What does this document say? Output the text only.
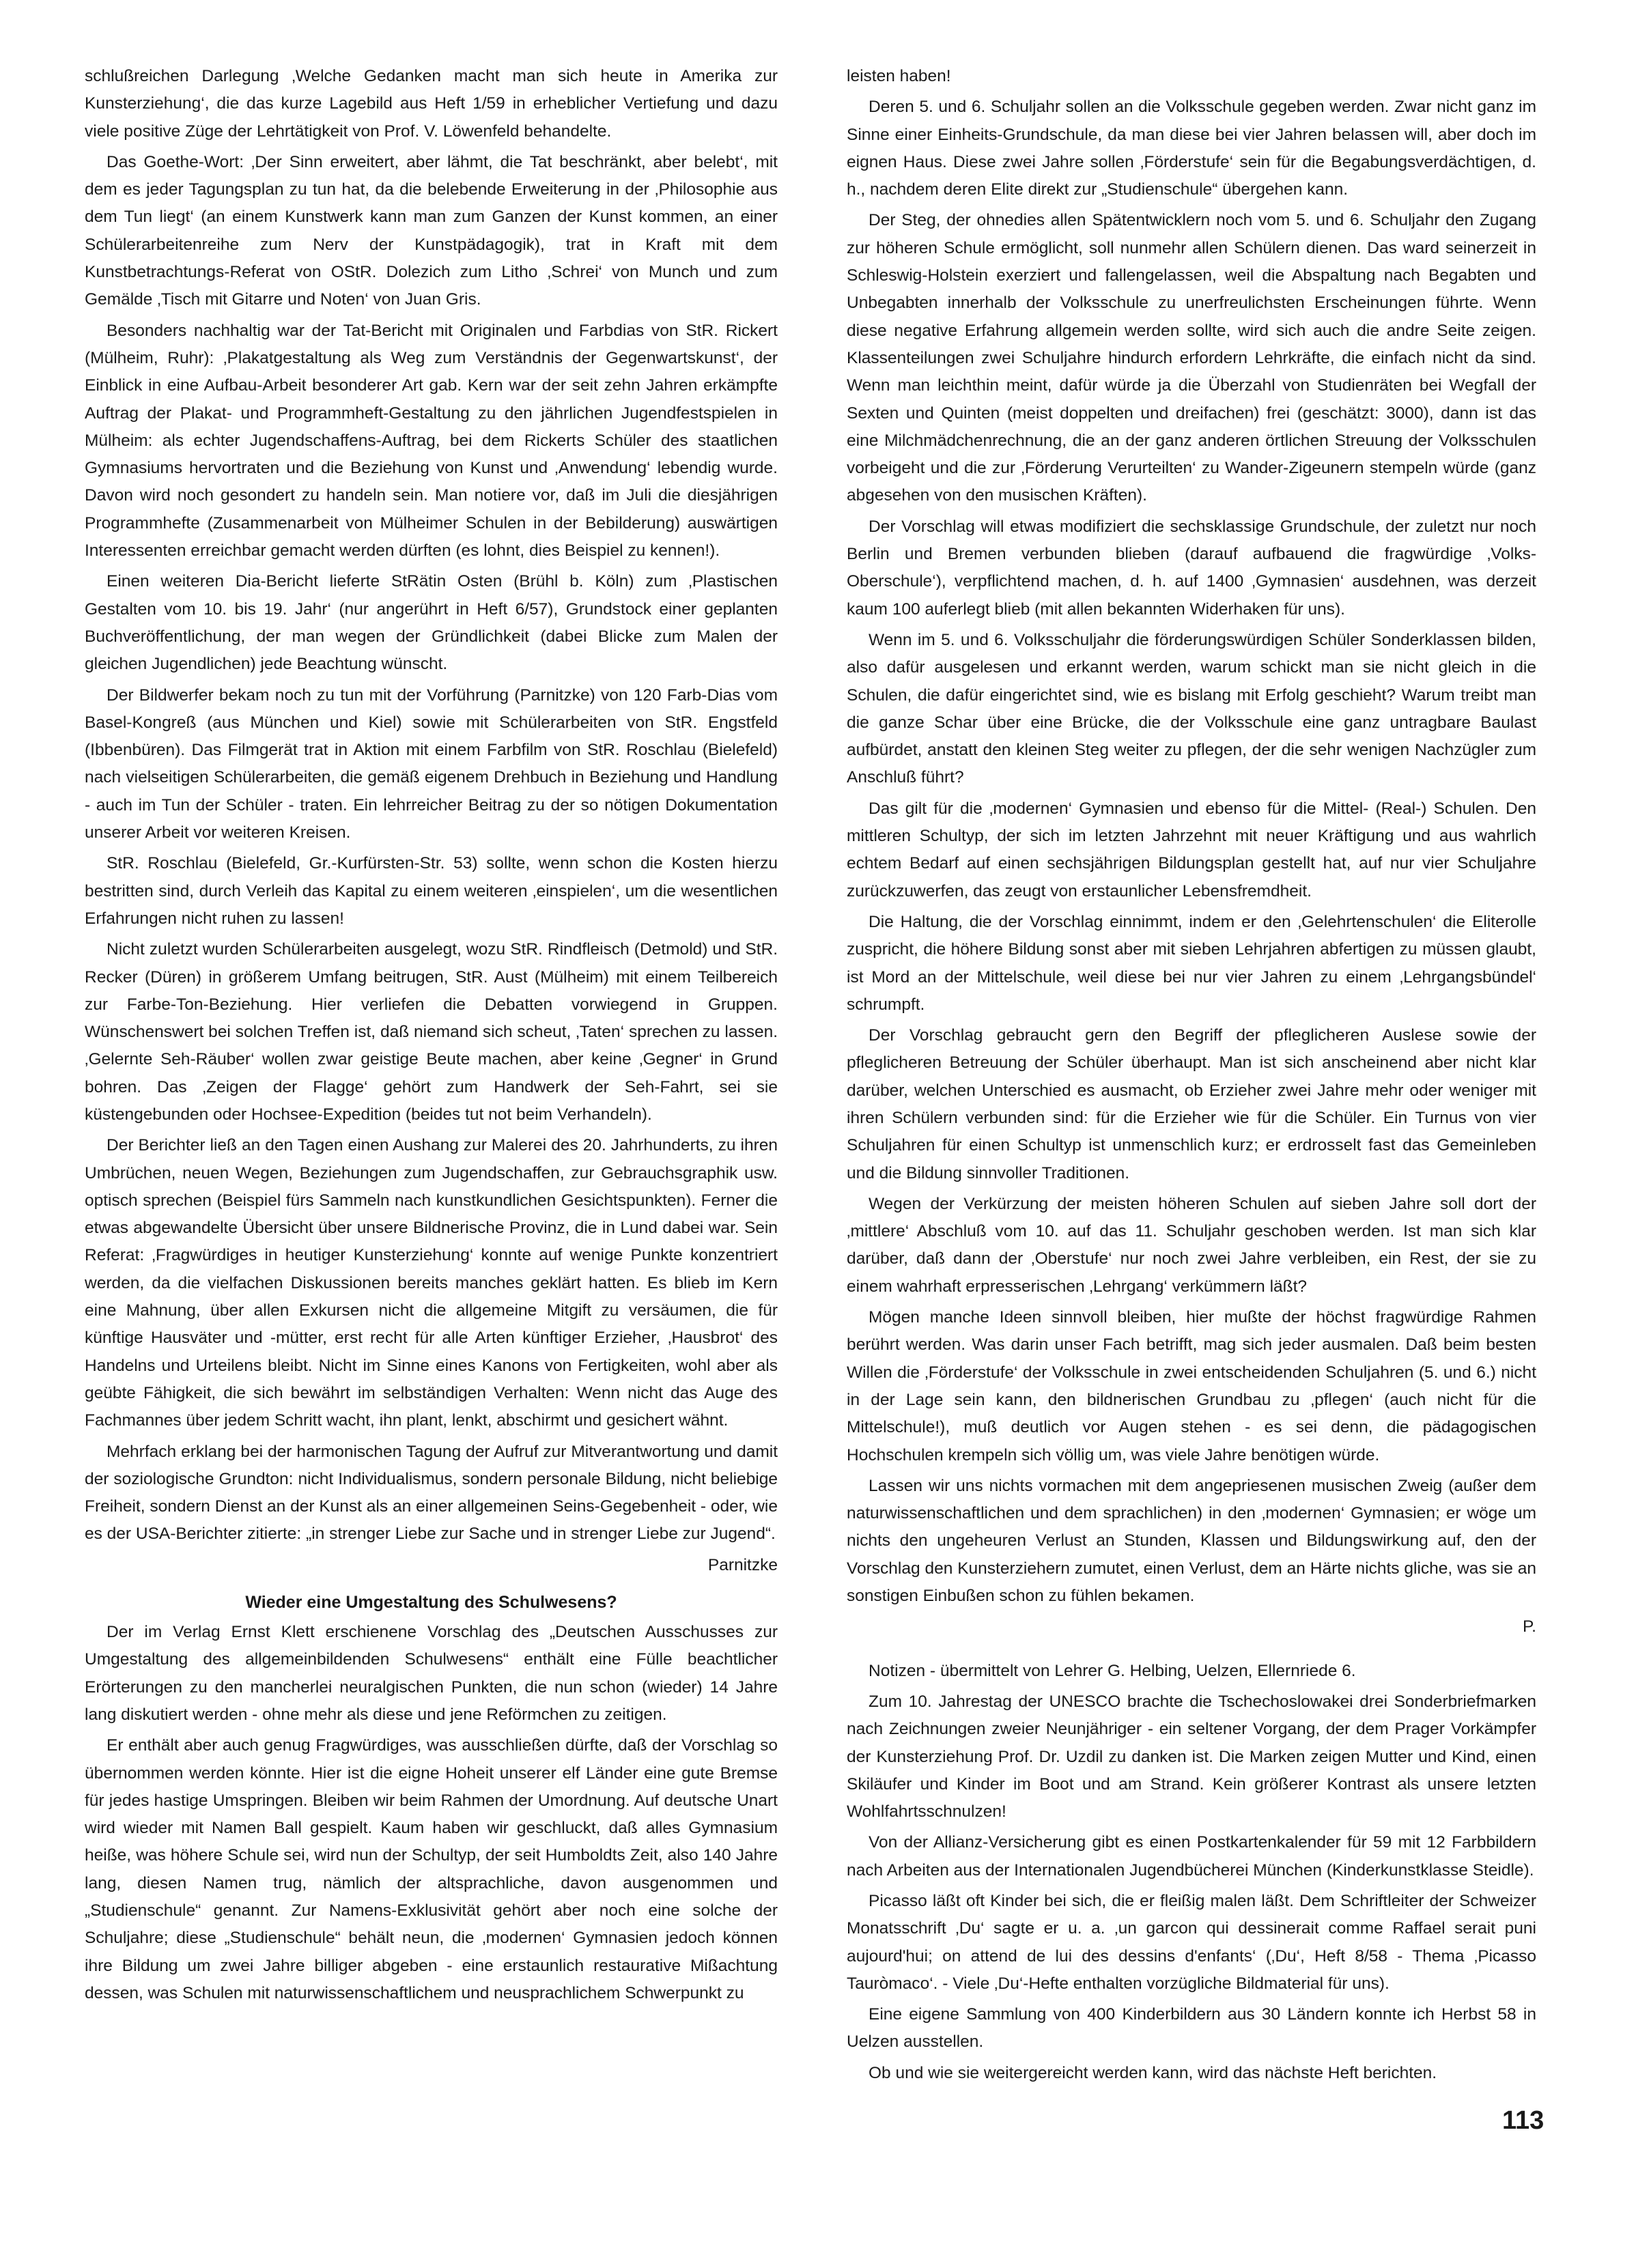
schlußreichen Darlegung ‚Welche Gedanken macht man sich heute in Amerika zur Kunsterziehung‘, die das kurze Lagebild aus Heft 1/59 in erheblicher Vertiefung und dazu viele positive Züge der Lehrtätigkeit von Prof. V. Löwenfeld behandelte.

Das Goethe-Wort: ‚Der Sinn erweitert, aber lähmt, die Tat beschränkt, aber belebt‘, mit dem es jeder Tagungsplan zu tun hat, da die belebende Erweiterung in der ‚Philosophie aus dem Tun liegt‘ (an einem Kunstwerk kann man zum Ganzen der Kunst kommen, an einer Schülerarbeitenreihe zum Nerv der Kunstpädagogik), trat in Kraft mit dem Kunstbetrachtungs-Referat von OStR. Dolezich zum Litho ‚Schrei‘ von Munch und zum Gemälde ‚Tisch mit Gitarre und Noten‘ von Juan Gris.

Besonders nachhaltig war der Tat-Bericht mit Originalen und Farbdias von StR. Rickert (Mülheim, Ruhr): ‚Plakatgestaltung als Weg zum Verständnis der Gegenwartskunst‘, der Einblick in eine Aufbau-Arbeit besonderer Art gab. Kern war der seit zehn Jahren erkämpfte Auftrag der Plakat- und Programmheft-Gestaltung zu den jährlichen Jugendfestspielen in Mülheim: als echter Jugendschaffens-Auftrag, bei dem Rickerts Schüler des staatlichen Gymnasiums hervortraten und die Beziehung von Kunst und ‚Anwendung‘ lebendig wurde. Davon wird noch gesondert zu handeln sein. Man notiere vor, daß im Juli die diesjährigen Programmhefte (Zusammenarbeit von Mülheimer Schulen in der Bebilderung) auswärtigen Interessenten erreichbar gemacht werden dürften (es lohnt, dies Beispiel zu kennen!).

Einen weiteren Dia-Bericht lieferte StRätin Osten (Brühl b. Köln) zum ‚Plastischen Gestalten vom 10. bis 19. Jahr‘ (nur angerührt in Heft 6/57), Grundstock einer geplanten Buchveröffentlichung, der man wegen der Gründlichkeit (dabei Blicke zum Malen der gleichen Jugendlichen) jede Beachtung wünscht.

Der Bildwerfer bekam noch zu tun mit der Vorführung (Parnitzke) von 120 Farb-Dias vom Basel-Kongreß (aus München und Kiel) sowie mit Schülerarbeiten von StR. Engstfeld (Ibbenbüren). Das Filmgerät trat in Aktion mit einem Farbfilm von StR. Roschlau (Bielefeld) nach vielseitigen Schülerarbeiten, die gemäß eigenem Drehbuch in Beziehung und Handlung - auch im Tun der Schüler - traten. Ein lehrreicher Beitrag zu der so nötigen Dokumentation unserer Arbeit vor weiteren Kreisen.

StR. Roschlau (Bielefeld, Gr.-Kurfürsten-Str. 53) sollte, wenn schon die Kosten hierzu bestritten sind, durch Verleih das Kapital zu einem weiteren ‚einspielen‘, um die wesentlichen Erfahrungen nicht ruhen zu lassen!

Nicht zuletzt wurden Schülerarbeiten ausgelegt, wozu StR. Rindfleisch (Detmold) und StR. Recker (Düren) in größerem Umfang beitrugen, StR. Aust (Mülheim) mit einem Teilbereich zur Farbe-Ton-Beziehung. Hier verliefen die Debatten vorwiegend in Gruppen. Wünschenswert bei solchen Treffen ist, daß niemand sich scheut, ‚Taten‘ sprechen zu lassen. ‚Gelernte Seh-Räuber‘ wollen zwar geistige Beute machen, aber keine ‚Gegner‘ in Grund bohren. Das ‚Zeigen der Flagge‘ gehört zum Handwerk der Seh-Fahrt, sei sie küstengebunden oder Hochsee-Expedition (beides tut not beim Verhandeln).

Der Berichter ließ an den Tagen einen Aushang zur Malerei des 20. Jahrhunderts, zu ihren Umbrüchen, neuen Wegen, Beziehungen zum Jugendschaffen, zur Gebrauchsgraphik usw. optisch sprechen (Beispiel fürs Sammeln nach kunstkundlichen Gesichtspunkten). Ferner die etwas abgewandelte Übersicht über unsere Bildnerische Provinz, die in Lund dabei war. Sein Referat: ‚Fragwürdiges in heutiger Kunsterziehung‘ konnte auf wenige Punkte konzentriert werden, da die vielfachen Diskussionen bereits manches geklärt hatten. Es blieb im Kern eine Mahnung, über allen Exkursen nicht die allgemeine Mitgift zu versäumen, die für künftige Hausväter und -mütter, erst recht für alle Arten künftiger Erzieher, ‚Hausbrot‘ des Handelns und Urteilens bleibt. Nicht im Sinne eines Kanons von Fertigkeiten, wohl aber als geübte Fähigkeit, die sich bewährt im selbständigen Verhalten: Wenn nicht das Auge des Fachmannes über jedem Schritt wacht, ihn plant, lenkt, abschirmt und gesichert wähnt.

Mehrfach erklang bei der harmonischen Tagung der Aufruf zur Mitverantwortung und damit der soziologische Grundton: nicht Individualismus, sondern personale Bildung, nicht beliebige Freiheit, sondern Dienst an der Kunst als an einer allgemeinen Seins-Gegebenheit - oder, wie es der USA-Berichter zitierte: „in strenger Liebe zur Sache und in strenger Liebe zur Jugend“.

Parnitzke
Wieder eine Umgestaltung des Schulwesens?

Der im Verlag Ernst Klett erschienene Vorschlag des „Deutschen Ausschusses zur Umgestaltung des allgemeinbildenden Schulwesens“ enthält eine Fülle beachtlicher Erörterungen zu den mancherlei neuralgischen Punkten, die nun schon (wieder) 14 Jahre lang diskutiert werden - ohne mehr als diese und jene Reförmchen zu zeitigen.

Er enthält aber auch genug Fragwürdiges, was ausschließen dürfte, daß der Vorschlag so übernommen werden könnte. Hier ist die eigne Hoheit unserer elf Länder eine gute Bremse für jedes hastige Umspringen. Bleiben wir beim Rahmen der Umordnung. Auf deutsche Unart wird wieder mit Namen Ball gespielt. Kaum haben wir geschluckt, daß alles Gymnasium heiße, was höhere Schule sei, wird nun der Schultyp, der seit Humboldts Zeit, also 140 Jahre lang, diesen Namen trug, nämlich der altsprachliche, davon ausgenommen und „Studienschule“ genannt. Zur Namens-Exklusivität gehört aber noch eine solche der Schuljahre; diese „Studienschule“ behält neun, die ‚modernen‘ Gymnasien jedoch können ihre Bildung um zwei Jahre billiger abgeben - eine erstaunlich restaurative Mißachtung dessen, was Schulen mit naturwissenschaftlichem und neusprachlichem Schwerpunkt zu

leisten haben!

Deren 5. und 6. Schuljahr sollen an die Volksschule gegeben werden. Zwar nicht ganz im Sinne einer Einheits-Grundschule, da man diese bei vier Jahren belassen will, aber doch im eignen Haus. Diese zwei Jahre sollen ‚Förderstufe‘ sein für die Begabungsverdächtigen, d. h., nachdem deren Elite direkt zur „Studienschule“ übergehen kann.

Der Steg, der ohnedies allen Spätentwicklern noch vom 5. und 6. Schuljahr den Zugang zur höheren Schule ermöglicht, soll nunmehr allen Schülern dienen. Das ward seinerzeit in Schleswig-Holstein exerziert und fallengelassen, weil die Abspaltung nach Begabten und Unbegabten innerhalb der Volksschule zu unerfreulichsten Erscheinungen führte. Wenn diese negative Erfahrung allgemein werden sollte, wird sich auch die andre Seite zeigen. Klassenteilungen zwei Schuljahre hindurch erfordern Lehrkräfte, die einfach nicht da sind. Wenn man leichthin meint, dafür würde ja die Überzahl von Studienräten bei Wegfall der Sexten und Quinten (meist doppelten und dreifachen) frei (geschätzt: 3000), dann ist das eine Milchmädchenrechnung, die an der ganz anderen örtlichen Streuung der Volksschulen vorbeigeht und die zur ‚Förderung Verurteilten‘ zu Wander-Zigeunern stempeln würde (ganz abgesehen von den musischen Kräften).

Der Vorschlag will etwas modifiziert die sechsklassige Grundschule, der zuletzt nur noch Berlin und Bremen verbunden blieben (darauf aufbauend die fragwürdige ‚Volks-Oberschule‘), verpflichtend machen, d. h. auf 1400 ‚Gymnasien‘ ausdehnen, was derzeit kaum 100 auferlegt blieb (mit allen bekannten Widerhaken für uns).

Wenn im 5. und 6. Volksschuljahr die förderungswürdigen Schüler Sonderklassen bilden, also dafür ausgelesen und erkannt werden, warum schickt man sie nicht gleich in die Schulen, die dafür eingerichtet sind, wie es bislang mit Erfolg geschieht? Warum treibt man die ganze Schar über eine Brücke, die der Volksschule eine ganz untragbare Baulast aufbürdet, anstatt den kleinen Steg weiter zu pflegen, der die sehr wenigen Nachzügler zum Anschluß führt?

Das gilt für die ‚modernen‘ Gymnasien und ebenso für die Mittel- (Real-) Schulen. Den mittleren Schultyp, der sich im letzten Jahrzehnt mit neuer Kräftigung und aus wahrlich echtem Bedarf auf einen sechsjährigen Bildungsplan gestellt hat, auf nur vier Schuljahre zurückzuwerfen, das zeugt von erstaunlicher Lebensfremdheit.

Die Haltung, die der Vorschlag einnimmt, indem er den ‚Gelehrtenschulen‘ die Eliterolle zuspricht, die höhere Bildung sonst aber mit sieben Lehrjahren abfertigen zu müssen glaubt, ist Mord an der Mittelschule, weil diese bei nur vier Jahren zu einem ‚Lehrgangsbündel‘ schrumpft.

Der Vorschlag gebraucht gern den Begriff der pfleglicheren Auslese sowie der pfleglicheren Betreuung der Schüler überhaupt. Man ist sich anscheinend aber nicht klar darüber, welchen Unterschied es ausmacht, ob Erzieher zwei Jahre mehr oder weniger mit ihren Schülern verbunden sind: für die Erzieher wie für die Schüler. Ein Turnus von vier Schuljahren für einen Schultyp ist unmenschlich kurz; er erdrosselt fast das Gemeinleben und die Bildung sinnvoller Traditionen.

Wegen der Verkürzung der meisten höheren Schulen auf sieben Jahre soll dort der ‚mittlere‘ Abschluß vom 10. auf das 11. Schuljahr geschoben werden. Ist man sich klar darüber, daß dann der ‚Oberstufe‘ nur noch zwei Jahre verbleiben, ein Rest, der sie zu einem wahrhaft erpresserischen ‚Lehrgang‘ verkümmern läßt?

Mögen manche Ideen sinnvoll bleiben, hier mußte der höchst fragwürdige Rahmen berührt werden. Was darin unser Fach betrifft, mag sich jeder ausmalen. Daß beim besten Willen die ‚Förderstufe‘ der Volksschule in zwei entscheidenden Schuljahren (5. und 6.) nicht in der Lage sein kann, den bildnerischen Grundbau zu ‚pflegen‘ (auch nicht für die Mittelschule!), muß deutlich vor Augen stehen - es sei denn, die pädagogischen Hochschulen krempeln sich völlig um, was viele Jahre benötigen würde.

Lassen wir uns nichts vormachen mit dem angepriesenen musischen Zweig (außer dem naturwissenschaftlichen und dem sprachlichen) in den ‚modernen‘ Gymnasien; er wöge um nichts den ungeheuren Verlust an Stunden, Klassen und Bildungswirkung auf, den der Vorschlag den Kunsterziehern zumutet, einen Verlust, dem an Härte nichts gliche, was sie an sonstigen Einbußen schon zu fühlen bekamen.

P.

Notizen - übermittelt von Lehrer G. Helbing, Uelzen, Ellernriede 6.

Zum 10. Jahrestag der UNESCO brachte die Tschechoslowakei drei Sonderbriefmarken nach Zeichnungen zweier Neunjähriger - ein seltener Vorgang, der dem Prager Vorkämpfer der Kunsterziehung Prof. Dr. Uzdil zu danken ist. Die Marken zeigen Mutter und Kind, einen Skiläufer und Kinder im Boot und am Strand. Kein größerer Kontrast als unsere letzten Wohlfahrtsschnulzen!

Von der Allianz-Versicherung gibt es einen Postkartenkalender für 59 mit 12 Farbbildern nach Arbeiten aus der Internationalen Jugendbücherei München (Kinderkunstklasse Steidle).

Picasso läßt oft Kinder bei sich, die er fleißig malen läßt. Dem Schriftleiter der Schweizer Monatsschrift ‚Du‘ sagte er u. a. ‚un garcon qui dessinerait comme Raffael serait puni aujourd'hui; on attend de lui des dessins d'enfants‘ (‚Du‘, Heft 8/58 - Thema ‚Picasso Tauròmaco‘. - Viele ‚Du‘-Hefte enthalten vorzügliche Bildmaterial für uns).

Eine eigene Sammlung von 400 Kinderbildern aus 30 Ländern konnte ich Herbst 58 in Uelzen ausstellen.

Ob und wie sie weitergereicht werden kann, wird das nächste Heft berichten.

113
